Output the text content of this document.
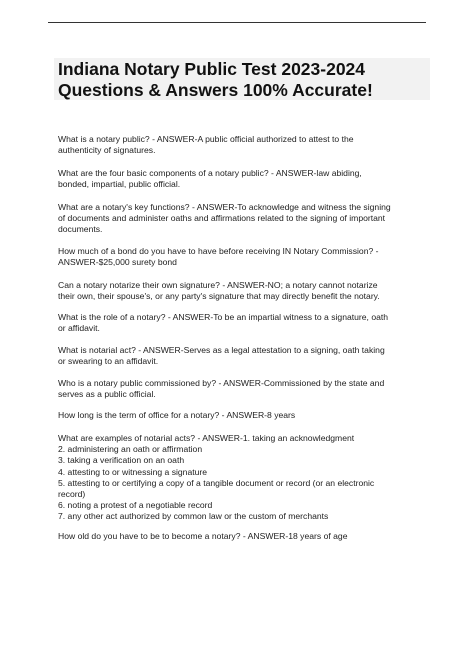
Indiana Notary Public Test 2023-2024
Questions & Answers 100% Accurate!
What is a notary public? - ANSWER-A public official authorized to attest to the
authenticity of signatures.
What are the four basic components of a notary public? - ANSWER-law abiding,
bonded, impartial, public official.
What are a notary's key functions? - ANSWER-To acknowledge and witness the signing
of documents and administer oaths and affirmations related to the signing of important
documents.
How much of a bond do you have to have before receiving IN Notary Commission? -
ANSWER-$25,000 surety bond
Can a notary notarize their own signature? - ANSWER-NO; a notary cannot notarize
their own, their spouse's, or any party's signature that may directly benefit the notary.
What is the role of a notary? - ANSWER-To be an impartial witness to a signature, oath
or affidavit.
What is notarial act? - ANSWER-Serves as a legal attestation to a signing, oath taking
or swearing to an affidavit.
Who is a notary public commissioned by? - ANSWER-Commissioned by the state and
serves as a public official.
How long is the term of office for a notary? - ANSWER-8 years
What are examples of notarial acts? - ANSWER-1. taking an acknowledgment
2. administering an oath or affirmation
3. taking a verification on an oath
4. attesting to or witnessing a signature
5. attesting to or certifying a copy of a tangible document or record (or an electronic
record)
6. noting a protest of a negotiable record
7. any other act authorized by common law or the custom of merchants
How old do you have to be to become a notary? - ANSWER-18 years of age
